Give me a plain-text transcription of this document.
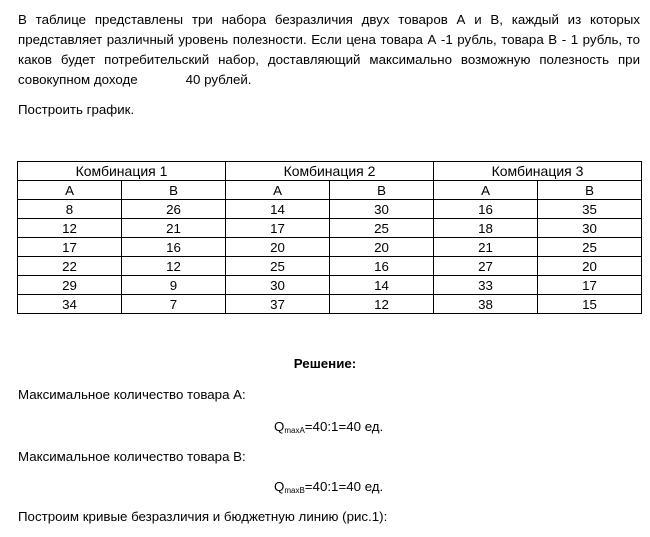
В таблице представлены три набора безразличия двух товаров А и В, каждый из которых
представляет различный уровень полезности. Если цена товара А -1 рубль, товара В - 1 рубль, то
каков будет потребительский набор, доставляющий максимально возможную полезность при
совокупном доходе	40 рублей.
Построить график.
Комбинация 1		Комбинация 2		Комбинация 3	
А	В	А	В	А	В
8	26	14	30	16	35
12	21	17	25	18	30
17	16	20	20	21	25
22	12	25	16	27	20
29	9	30	14	33	17
34	7	37	12	38	15
Решение:
Максимальное количество товара А:
$Q_{maxA}=40:1=40$ ед.
Максимальное количество товара В:
$Q_{maxB}=40:1=40$ ед.
Построим кривые безразличия и бюджетную линию (рис.1):
